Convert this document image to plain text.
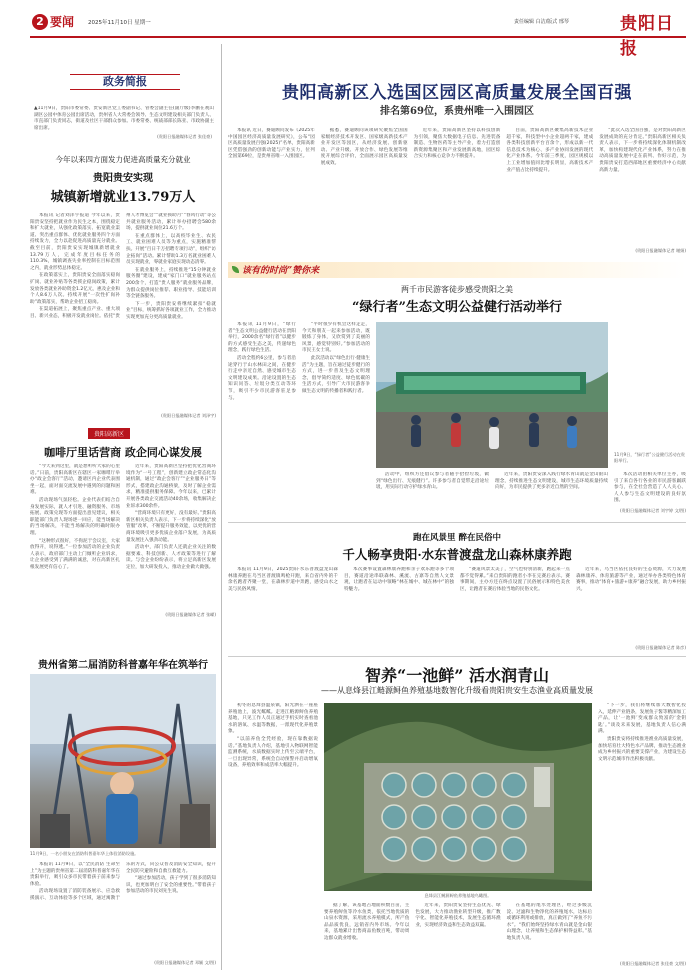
2 要闻	2025年11月10日 星期一	责任编辑 白洁/版式 邢琴	贵阳日报
政务简报
▲11月9日，贵阳市委常委、贵安新区党工委副书记、管委会副主任(副厅级)李鹏在观山湖区公园中体育公园出席活动，贵州省人大常委会领导、生态文明建设相关部门负责人、市直部门负责同志，街道及社区干部群众参加。市委常委、统战部部长陈亚、市政协副主席出席。
(贵阳日报融媒体记者 张佳豪)
今年以来四方面发力促进高质量充分就业
贵阳贵安实现
城镇新增就业13.79万人

本报讯 记者刘泽宇报道 今年以来，贵阳贵安坚持把就业作为民生之本，围绕稳定和扩大就业，从强化政策落实、拓宽就业渠道、突出重点群体、优化就业服务四个方面持续发力，全力以赴促进高质量充分就业。截至目前，贵阳贵安实现城镇新增就业13.79万人，完成年度目标任务的110.3%，城镇调查失业率控制在目标范围之内，就业形势总体稳定。

在政策落实上，贵阳贵安全面落实稳岗扩岗、就业补贴等各类援企稳岗政策，累计发放各类就业补助资金1.2亿元，惠及企业和个人8.6万人次。持续开展“一次性扩岗补助”政策落实，帮助企业招工稳岗。

在渠道拓展上，聚焦重点产业、重大项目、新兴业态，积极开发就业岗位。依托“贵州人才博览会”“就业援助月”“春风行动”等公共就业服务活动，累计举办招聘会580余场，提供就业岗位21.6万个。

在重点群体上，以高校毕业生、农民工、就业困难人员等为重点，实施精准帮扶。开展“百日千万招聘专项行动”，组织“访企拓岗”活动。累计帮助1.3万名就业困难人员实现就业，零就业家庭实现动态清零。

在就业服务上，持续推进“15分钟就业服务圈”建设，建成“家门口”就业服务站点200余个，打造“贵人服务”就业服务品牌，为群众提供岗位推荐、职业指导、技能培训等全链条服务。

下一步，贵阳贵安将继续紧扣“稳就业”目标，统筹抓好各项就业工作，全力推动实现更加充分更高质量就业。

(贵阳日报融媒体记者 刘泽宇)
贵阳高新区
咖啡厅里话营商 政企同心谋发展

“今天来到这里，就是想听听大家的心里话。”日前，贵阳高新区在辖区一家咖啡厅举办“政企会客厅”活动，邀请区内企业代表围坐一起，面对面交流发展中遇到的问题和困难。

活动现场气氛轻松。企业代表们结合自身发展实际，就人才引进、融资服务、市场拓展、政策兑现等方面提出意见建议，相关职能部门负责人现场逐一回应，能当场解决的当场解决，不能当场解决的明确时限办理。

“这种形式很好，不拘泥于会议室，大家放得开，说得透。”一位参加活动的企业负责人表示，政府部门主动上门倾听企业诉求，让企业感受到了满满的诚意，对在高新区扎根发展更有信心了。

近年来，贵阳高新区坚持把优化营商环境作为“一号工程”，创新建立政企常态化沟通机制，通过“政企会客厅”“企业服务日”等形式，搭建政企沟通桥梁，及时了解企业需求，精准提供服务保障。今年以来，已累计开展各类政企交流活动40余场，收集解决企业诉求300余件。

“营商环境只有更好，没有最好。”贵阳高新区相关负责人表示，下一步将持续深化“放管服”改革，不断提升服务效能，以更优的营商环境吸引更多优质企业落户发展，为高质量发展注入强劲动能。

活动中，部门负责人还就企业关注的数据要素、科技创新、人才政策等进行了解读。与会企业纷纷表示，将立足高新区发展定位，加大研发投入，推动企业做大做强。

(贵阳日报融媒体记者 张嵘)
贵州省第二届消防科普嘉年华在筑举行
11月9日，一名小朋友在消防科普嘉年华上体验消防设施。

本报讯 11月9日，以“全民消防 生命至上”为主题的贵州省第二届消防科普嘉年华在贵阳举行，吸引众多市民带着孩子前来参与体验。

活动现场设置了消防装备展示、应急救援演示、互动体验等多个区域，通过寓教于乐的方式，向公众普及消防安全知识，提升全民防灾避险和自救互救能力。

“通过参加活动，孩子学到了很多消防知识，也更加明白了安全的重要性。”带着孩子参加活动的市民刘先生说。

(贵阳日报融媒体记者 邓颖 文/图)
贵阳高新区入选国区园区高质量发展全国百强
排名第69位，系贵州唯一入围园区

本报讯 近日，赛迪顾问发布《2025年中国园区经济高质量发展研究》，公布“园区高质量发展百强(2025)”名单，贵阳高新区凭借强劲的创新动能与产业实力，位列全国第69位，是贵州省唯一入围园区。

据悉，赛迪顾问该项研究聚焦全国国家级经济技术开发区、国家级高新技术产业开发区等园区，从经济发展、创新驱动、产业升级、开放合作、绿色发展等维度开展综合评价，全面展示园区高质量发展成效。

近年来，贵阳高新区坚持以科技创新为引领，聚焦大数据电子信息、先进装备制造、生物医药等主导产业，着力打造创新资源集聚区和产业发展新高地，园区综合实力和核心竞争力不断提升。

目前，贵阳高新区聚集高新技术企业超千家，科技型中小企业超两千家，建成各类科技创新平台百余个，形成以新一代信息技术为核心、多产业协同发展的现代化产业体系。今年前三季度，园区规模以上工业增加值同比增长明显，高新技术产业产值占比持续提升。

“此次入选全国百强，是对贵阳高新区发展成效的充分肯定。”贵阳高新区相关负责人表示，下一步将持续深化体制机制改革，加快构建现代化产业体系，努力在推动高质量发展中走在前列、作好示范，为贵阳贵安打造西部地区重要经济中心贡献高新力量。

(贵阳日报融媒体记者 谢娟)
该有的时尚”赞你来
两千市民游客徒步感受贵阳之美
“绿行者”生态文明公益健行活动举行

本报讯 11月9日，“绿行者”生态文明公益健行活动在贵阳举行，2000余名“绿行者”以健步的方式感受生态之美，传递绿色理念，践行绿色生活。

活动全程约6公里，参与者沿途穿行于山水林田之间，在健步行走中亲近自然、感受城市生态文明建设成果。沿途设置的生态知识问答、垃圾分类互动等环节，吸引不少市民游客驻足参与。

“平时很少有机会这样走走，今天和朋友一起来参加活动，既锻炼了身体，又欣赏到了美丽的风景，感觉特别好。”参加活动的市民王女士说。

此次活动以“绿色出行·健康生活”为主题，旨在通过徒步健行的方式，进一步普及生态文明理念，倡导简约适度、绿色低碳的生活方式，引导广大市民游客争做生态文明的传播者和践行者。

11月9日，“绿行者”公益健行活动在贵阳举行。

活动中，组织方还倡议参与者随手拾捡垃圾，做到“绿色出行、无痕健行”。许多参与者自觉带走沿途垃圾，用实际行动守护绿水青山。

近年来，贵阳贵安深入践行绿水青山就是金山银山理念，持续推进生态文明建设，城市生态环境质量持续向好，为市民提供了更多亲近自然的空间。

本次活动由相关单位主办，吸引了来自各行各业的市民游客踊跃参与，在全社会营造了人人关心、人人参与生态文明建设的良好氛围。

(贵阳日报融媒体记者 刘宇婷 文/图)
跑在风景里 醉在民俗中
千人畅享贵阳·水东普渡盘龙山森林康养跑

本报讯 11月9日，2025贵阳·水东普渡盘龙山森林康养跑在乌当区普渡镇鸣枪开跑，来自省内外的千余名跑者齐聚一堂，在森林步道中奔跑，感受山水之美与民俗风情。

本次赛事设置森林康养跑和亲子欢乐跑等多个项目，赛道沿途串联森林、溪流、古寨等自然人文景观，让跑者在运动中领略“林在城中、城在林中”的独特魅力。

“赛道风景太美了，空气也特别清新，跑起来一点都不觉得累。”来自贵阳的跑者小李在完赛后表示。赛事期间，主办方还在终点设置了民俗展示和特色美食区，让跑者在赛后体验当地的民俗文化。

近年来，乌当区依托良好的生态资源，大力发展森林康养、体育旅游等产业，通过举办各类特色体育赛事，推动“体育+旅游+康养”融合发展，助力乡村振兴。

(贵阳日报融媒体记者 陈彦)
智养“一池鲜” 活水润青山
——从息烽县江鲢源鲟鱼养殖基地数智化升级看贵阳贵安生态渔业高质量发展

初冬的息烽县温泉镇，阳光洒在一座座养殖池上，波光粼粼。走进江鲢源鲟鱼养殖基地，只见工作人员正通过手机实时查看池水的溶氧、水温等数据，一派现代化养殖景象。

“以前养鱼全凭经验，现在靠数据说话。”基地负责人介绍，基地引入物联网智能监测系统，水质数据实时上传至云端平台，一旦出现异常，系统会自动预警并启动增氧设备，养殖效率和成活率大幅提升。

息烽县江鲢源鲟鱼养殖基地鸟瞰图。

据了解，该基地占地面积数百亩，主要养殖鲟鱼等冷水鱼类，依托当地优质的山泉水资源，采用流水养殖模式，所产鱼品品质优良，远销省内外市场。今年以来，基地累计出售商品鱼数百吨，带动周边群众就业增收。

近年来，贵阳贵安坚持生态优先、绿色发展，大力推动渔业转型升级，推广数字化、智能化养殖技术，发展生态循环渔业，实现经济效益和生态效益双赢。

在基地的尾水处理区，经过多级沉淀、过滤和生物净化的养殖尾水，达标后或循环利用或排放，真正做到了“养鱼不污水”。“我们始终坚持绿水青山就是金山银山理念，让养殖和生态保护相得益彰。”基地负责人说。

“下一步，我们将继续加大数智化投入，延伸产业链条，发展鱼子酱等精深加工产品，让‘一池鲜’变成群众致富的‘金钥匙’。”谈及未来发展，基地负责人信心满满。

贵阳贵安将持续推进渔业高质量发展，加快培育壮大特色水产品牌，推动生态渔业成为乡村振兴的重要支撑产业，为建设生态文明示范城市作出积极贡献。

(贵阳日报融媒体记者 张佳豪 文/图)
